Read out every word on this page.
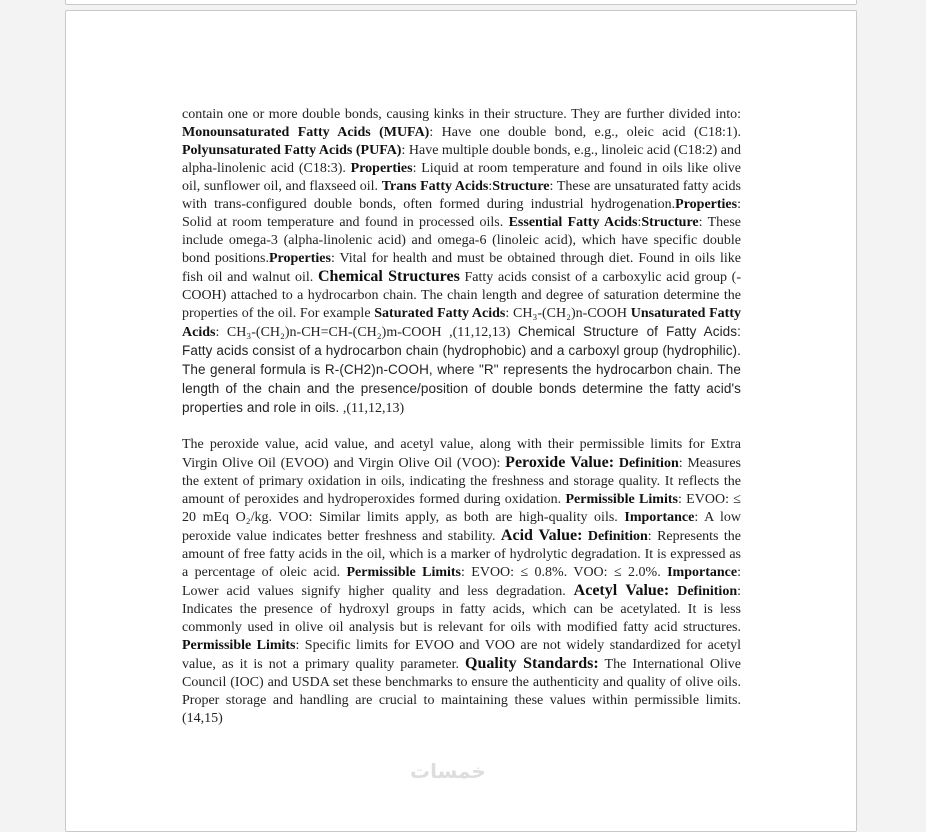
contain one or more double bonds, causing kinks in their structure. They are further divided into: Monounsaturated Fatty Acids (MUFA): Have one double bond, e.g., oleic acid (C18:1). Polyunsaturated Fatty Acids (PUFA): Have multiple double bonds, e.g., linoleic acid (C18:2) and alpha-linolenic acid (C18:3). Properties: Liquid at room temperature and found in oils like olive oil, sunflower oil, and flaxseed oil. Trans Fatty Acids:Structure: These are unsaturated fatty acids with trans-configured double bonds, often formed during industrial hydrogenation.Properties: Solid at room temperature and found in processed oils. Essential Fatty Acids:Structure: These include omega-3 (alpha-linolenic acid) and omega-6 (linoleic acid), which have specific double bond positions.Properties: Vital for health and must be obtained through diet. Found in oils like fish oil and walnut oil. Chemical Structures Fatty acids consist of a carboxylic acid group (-COOH) attached to a hydrocarbon chain. The chain length and degree of saturation determine the properties of the oil. For example Saturated Fatty Acids: CH₃-(CH₂)n-COOH Unsaturated Fatty Acids: CH₃-(CH₂)n-CH=CH-(CH₂)m-COOH ,(11,12,13) Chemical Structure of Fatty Acids: Fatty acids consist of a hydrocarbon chain (hydrophobic) and a carboxyl group (hydrophilic). The general formula is R-(CH2)n-COOH, where "R" represents the hydrocarbon chain. The length of the chain and the presence/position of double bonds determine the fatty acid's properties and role in oils. ,(11,12,13)

The peroxide value, acid value, and acetyl value, along with their permissible limits for Extra Virgin Olive Oil (EVOO) and Virgin Olive Oil (VOO): Peroxide Value: Definition: Measures the extent of primary oxidation in oils, indicating the freshness and storage quality. It reflects the amount of peroxides and hydroperoxides formed during oxidation. Permissible Limits: EVOO: ≤ 20 mEq O₂/kg. VOO: Similar limits apply, as both are high-quality oils. Importance: A low peroxide value indicates better freshness and stability. Acid Value: Definition: Represents the amount of free fatty acids in the oil, which is a marker of hydrolytic degradation. It is expressed as a percentage of oleic acid. Permissible Limits: EVOO: ≤ 0.8%. VOO: ≤ 2.0%. Importance: Lower acid values signify higher quality and less degradation. Acetyl Value: Definition: Indicates the presence of hydroxyl groups in fatty acids, which can be acetylated. It is less commonly used in olive oil analysis but is relevant for oils with modified fatty acid structures. Permissible Limits: Specific limits for EVOO and VOO are not widely standardized for acetyl value, as it is not a primary quality parameter. Quality Standards: The International Olive Council (IOC) and USDA set these benchmarks to ensure the authenticity and quality of olive oils. Proper storage and handling are crucial to maintaining these values within permissible limits. (14,15)

خمسات
